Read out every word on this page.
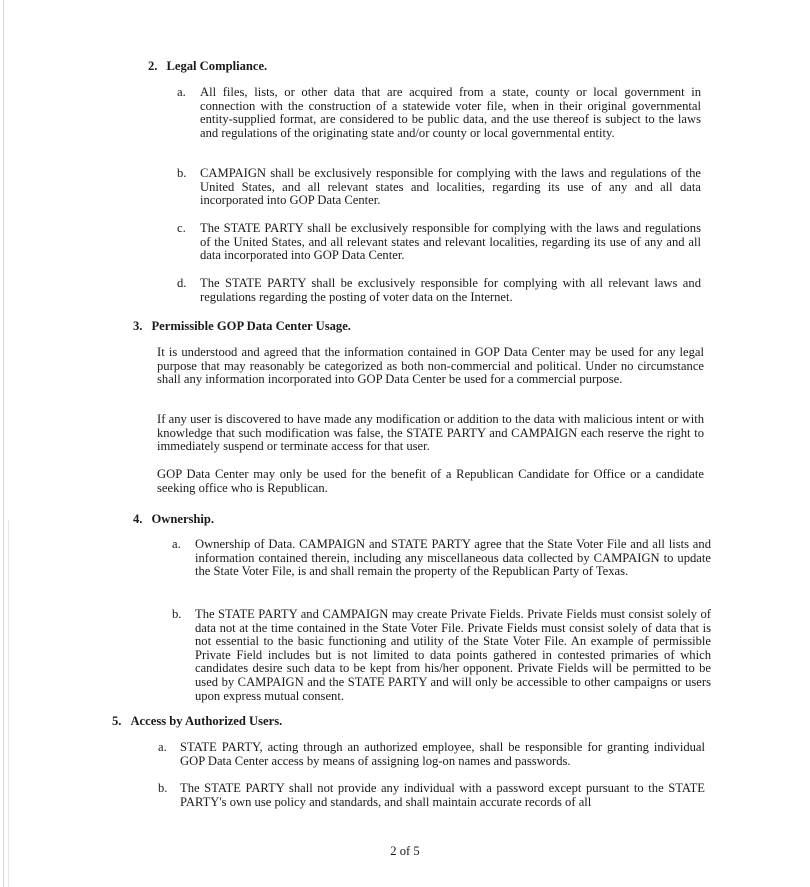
2. Legal Compliance.
a. All files, lists, or other data that are acquired from a state, county or local government in connection with the construction of a statewide voter file, when in their original governmental entity-supplied format, are considered to be public data, and the use thereof is subject to the laws and regulations of the originating state and/or county or local governmental entity.

b. CAMPAIGN shall be exclusively responsible for complying with the laws and regulations of the United States, and all relevant states and localities, regarding its use of any and all data incorporated into GOP Data Center.

c. The STATE PARTY shall be exclusively responsible for complying with the laws and regulations of the United States, and all relevant states and relevant localities, regarding its use of any and all data incorporated into GOP Data Center.

d. The STATE PARTY shall be exclusively responsible for complying with all relevant laws and regulations regarding the posting of voter data on the Internet.

3. Permissible GOP Data Center Usage.

It is understood and agreed that the information contained in GOP Data Center may be used for any legal purpose that may reasonably be categorized as both non-commercial and political. Under no circumstance shall any information incorporated into GOP Data Center be used for a commercial purpose.

If any user is discovered to have made any modification or addition to the data with malicious intent or with knowledge that such modification was false, the STATE PARTY and CAMPAIGN each reserve the right to immediately suspend or terminate access for that user.

GOP Data Center may only be used for the benefit of a Republican Candidate for Office or a candidate seeking office who is Republican.

4. Ownership.
a. Ownership of Data. CAMPAIGN and STATE PARTY agree that the State Voter File and all lists and information contained therein, including any miscellaneous data collected by CAMPAIGN to update the State Voter File, is and shall remain the property of the Republican Party of Texas.

b. The STATE PARTY and CAMPAIGN may create Private Fields. Private Fields must consist solely of data not at the time contained in the State Voter File. Private Fields must consist solely of data that is not essential to the basic functioning and utility of the State Voter File. An example of permissible Private Field includes but is not limited to data points gathered in contested primaries of which candidates desire such data to be kept from his/her opponent. Private Fields will be permitted to be used by CAMPAIGN and the STATE PARTY and will only be accessible to other campaigns or users upon express mutual consent.

5. Access by Authorized Users.
a. STATE PARTY, acting through an authorized employee, shall be responsible for granting individual GOP Data Center access by means of assigning log-on names and passwords.

b. The STATE PARTY shall not provide any individual with a password except pursuant to the STATE PARTY's own use policy and standards, and shall maintain accurate records of all

2 of 5
